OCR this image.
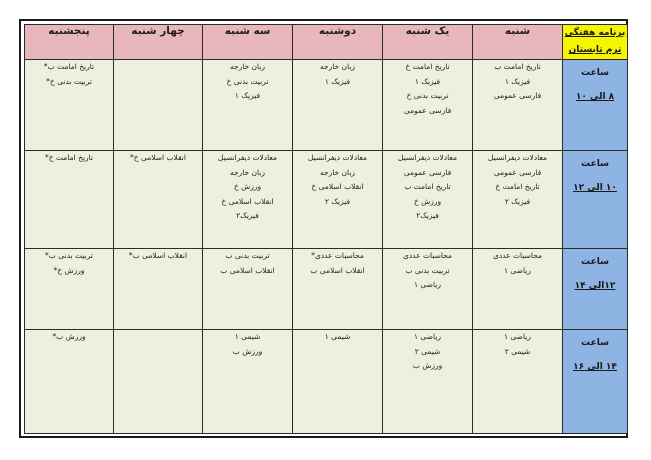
برنامه هفتگی
ترم تابستان	شنبه	یک شنبه	دوشنبه	سه شنبه	چهار شنبه	پنجشنبه

ساعت
۸ الی ۱۰	تاریخ امامت ب
فیزیک ۱
فارسی عمومی	تاریخ امامت خ
فیزیک ۱
تربیت بدنی خ
فارسی عمومی	زبان خارجه
فیزیک ۱	زبان خارجه
تربیت بدنی خ
فیزیک ۱		تاریخ امامت ب*
تربیت بدنی خ*

ساعت
۱۰ الی ۱۲	معادلات دیفرانسیل
فارسی عمومی
تاریخ امامت خ
فیزیک ۲	معادلات دیفرانسیل
فارسی عمومی
تاریخ امامت ب
ورزش خ
فیزیک۲	معادلات دیفرانسیل
زبان خارجه
انقلاب اسلامی خ
فیزیک ۲	معادلات دیفرانسیل
زبان خارجه
ورزش خ
انقلاب اسلامی خ
فیزیک۲	انقلاب اسلامی خ*	تاریخ امامت خ*

ساعت
۱۲الی ۱۴	محاسبات عددی
ریاضی ۱	محاسبات عددی
تربیت بدنی ب
ریاضی ۱	محاسبات عددی*
انقلاب اسلامی ب	تربیت بدنی ب
انقلاب اسلامی ب	انقلاب اسلامی ب*	تربیت بدنی ب*
ورزش خ*

ساعت
۱۴ الی ۱۶	ریاضی ۱
شیمی ۲	ریاضی ۱
شیمی ۲
ورزش ب	شیمی ۱	شیمی ۱
ورزش ب		ورزش ب*
